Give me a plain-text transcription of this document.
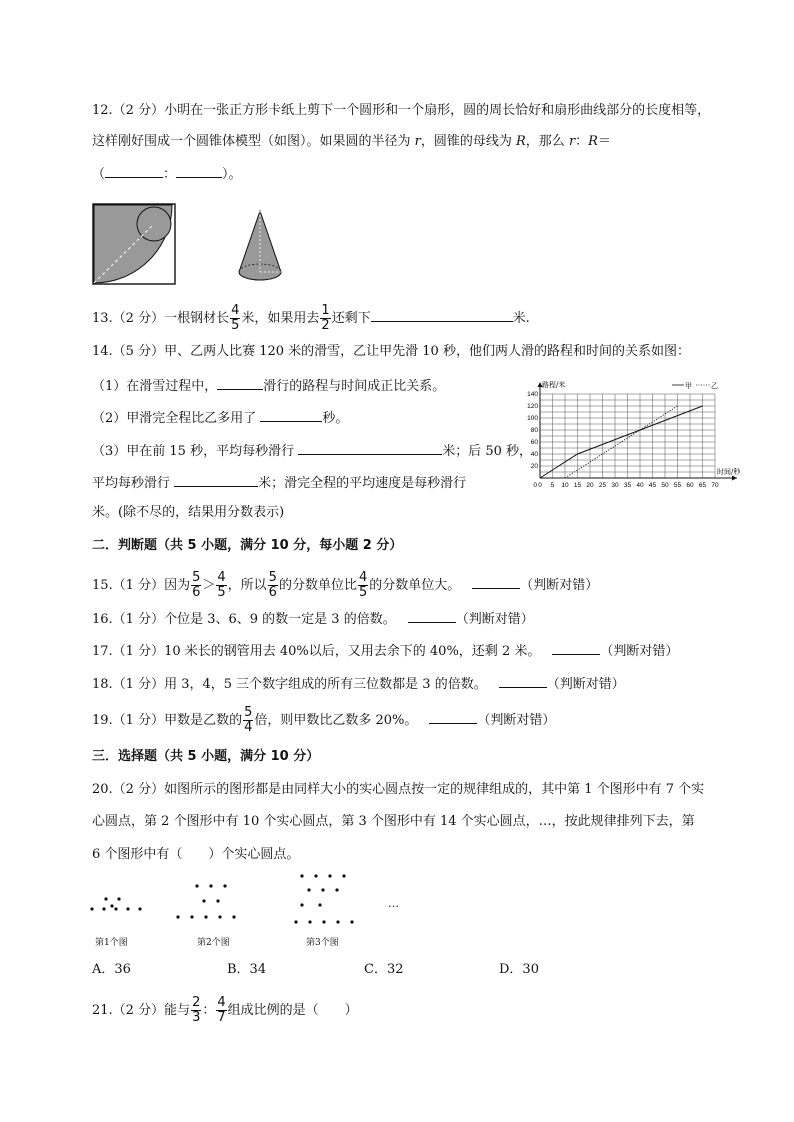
12.（2 分）小明在一张正方形卡纸上剪下一个圆形和一个扇形，圆的周长恰好和扇形曲线部分的长度相等，
这样刚好围成一个圆锥体模型（如图）。如果圆的半径为 r，圆锥的母线为 R，那么 r：R＝
（	：	）。
13.（2 分）一根钢材长 $\frac{4}{5}$ 米，如果用去 $\frac{1}{2}$ 还剩下	米.
14.（5 分）甲、乙两人比赛 120 米的滑雪，乙让甲先滑 10 秒，他们两人滑的路程和时间的关系如图：
（1）在滑雪过程中，	滑行的路程与时间成正比关系。
（2）甲滑完全程比乙多用了	秒。
（3）甲在前 15 秒，平均每秒滑行	米；后 50 秒，
平均每秒滑行	米；滑完全程的平均速度是每秒滑行
米。(除不尽的，结果用分数表示)
0 5 10 15 20 25 30 35 40 45 50 55 60 65 70
20
40
60
80
100
120
140
0
路程/米
时间/秒
甲	乙
二．判断题（共 5 小题，满分 10 分，每小题 2 分）
15.（1 分）因为 $\frac{5}{6} > \frac{4}{5}$ ，所以 $\frac{5}{6}$ 的分数单位比 $\frac{4}{5}$ 的分数单位大。	（判断对错）
16.（1 分）个位是 3、6、9 的数一定是 3 的倍数。	（判断对错）
17.（1 分）10 米长的钢管用去 40%以后，又用去余下的 40%，还剩 2 米。	（判断对错）
18.（1 分）用 3，4，5 三个数字组成的所有三位数都是 3 的倍数。	（判断对错）
19.（1 分）甲数是乙数的 $\frac{5}{4}$ 倍，则甲数比乙数多 20%。	（判断对错）
三．选择题（共 5 小题，满分 10 分）
20.（2 分）如图所示的图形都是由同样大小的实心圆点按一定的规律组成的，其中第 1 个图形中有 7 个实
心圆点，第 2 个图形中有 10 个实心圆点，第 3 个图形中有 14 个实心圆点，…，按此规律排列下去，第
6 个图形中有（　　）个实心圆点。
…
第1个图	第2个图	第3个图
A．36	B．34	C．32	D．30
21.（2 分）能与 $\frac{2}{3}$ ： $\frac{4}{7}$ 组成比例的是（　　）
